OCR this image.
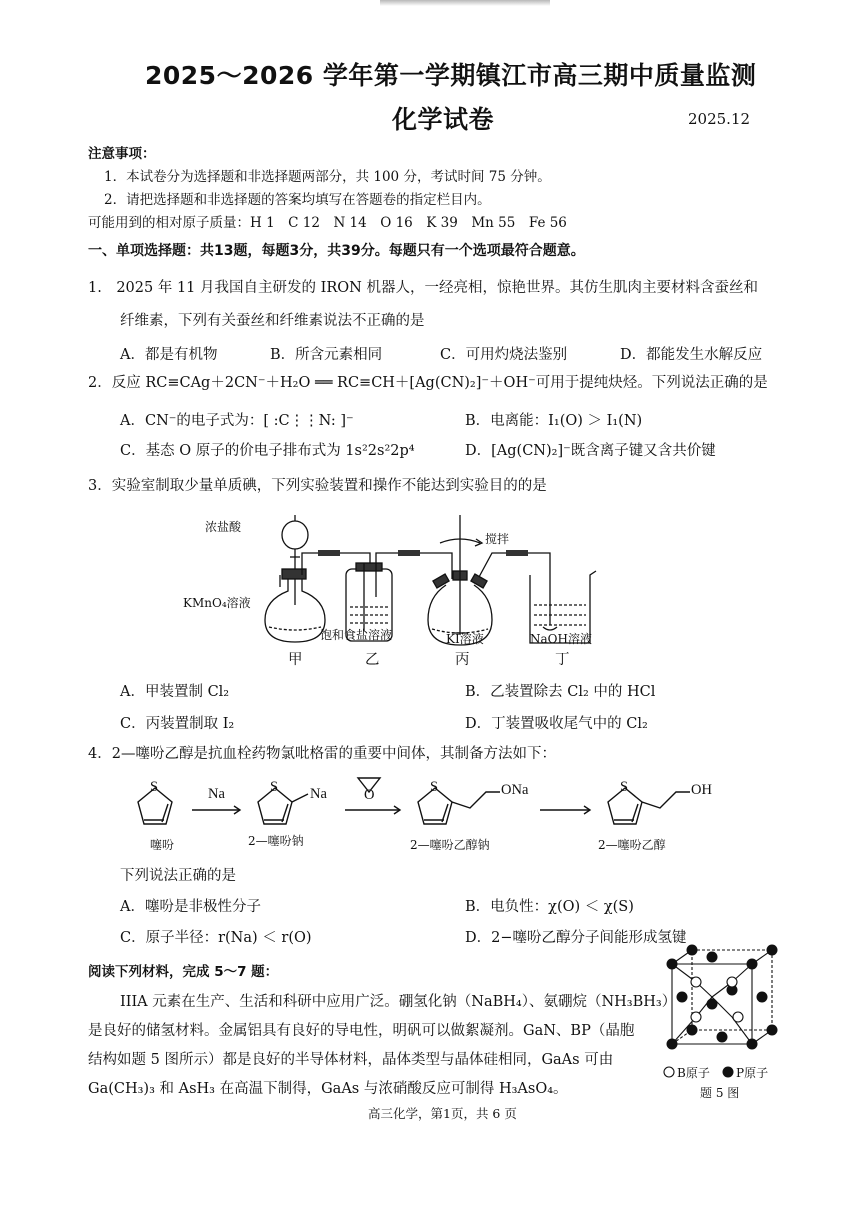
2025～2026 学年第一学期镇江市高三期中质量监测
化学试卷	2025.12
注意事项：
1．本试卷分为选择题和非选择题两部分，共 100 分，考试时间 75 分钟。
2．请把选择题和非选择题的答案均填写在答题卷的指定栏目内。
可能用到的相对原子质量：H 1　C 12　N 14　O 16　K 39　Mn 55　Fe 56
一、单项选择题：共13题，每题3分，共39分。每题只有一个选项最符合题意。
1.　2025 年 11 月我国自主研发的 IRON 机器人，一经亮相，惊艳世界。其仿生肌肉主要材料含蚕丝和
纤维素，下列有关蚕丝和纤维素说法不正确的是
A．都是有机物	B．所含元素相同	C．可用灼烧法鉴别	D．都能发生水解反应
2．反应 RC≡CAg＋2CN⁻＋H₂O ══ RC≡CH＋[Ag(CN)₂]⁻＋OH⁻可用于提纯炔烃。下列说法正确的是
A．CN⁻的电子式为：[ :C⋮⋮N: ]⁻	B．电离能：I₁(O) ＞ I₁(N)
C．基态 O 原子的价电子排布式为 1s²2s²2p⁴	D．[Ag(CN)₂]⁻既含离子键又含共价键
3．实验室制取少量单质碘，下列实验装置和操作不能达到实验目的的是
浓盐酸
KMnO₄溶液
饱和食盐溶液
搅拌
KI溶液	NaOH溶液
甲	乙	丙	丁
A．甲装置制 Cl₂	B．乙装置除去 Cl₂ 中的 HCl
C．丙装置制取 I₂	D．丁装置吸收尾气中的 Cl₂
4．2—噻吩乙醇是抗血栓药物氯吡格雷的重要中间体，其制备方法如下：
S	Na	S Na	O	S	ONa	S	OH
噻吩	2—噻吩钠	2—噻吩乙醇钠	2—噻吩乙醇
下列说法正确的是
A．噻吩是非极性分子	B．电负性：χ(O) ＜ χ(S)
C．原子半径：r(Na) ＜ r(O)	D．2−噻吩乙醇分子间能形成氢键
阅读下列材料，完成 5～7 题：
IIIA 元素在生产、生活和科研中应用广泛。硼氢化钠（NaBH₄）、氨硼烷（NH₃BH₃）
是良好的储氢材料。金属铝具有良好的导电性，明矾可以做絮凝剂。GaN、BP（晶胞
结构如题 5 图所示）都是良好的半导体材料，晶体类型与晶体硅相同，GaAs 可由
Ga(CH₃)₃ 和 AsH₃ 在高温下制得，GaAs 与浓硝酸反应可制得 H₃AsO₄。
B原子 P原子
题 5 图
高三化学，第1页，共 6 页
